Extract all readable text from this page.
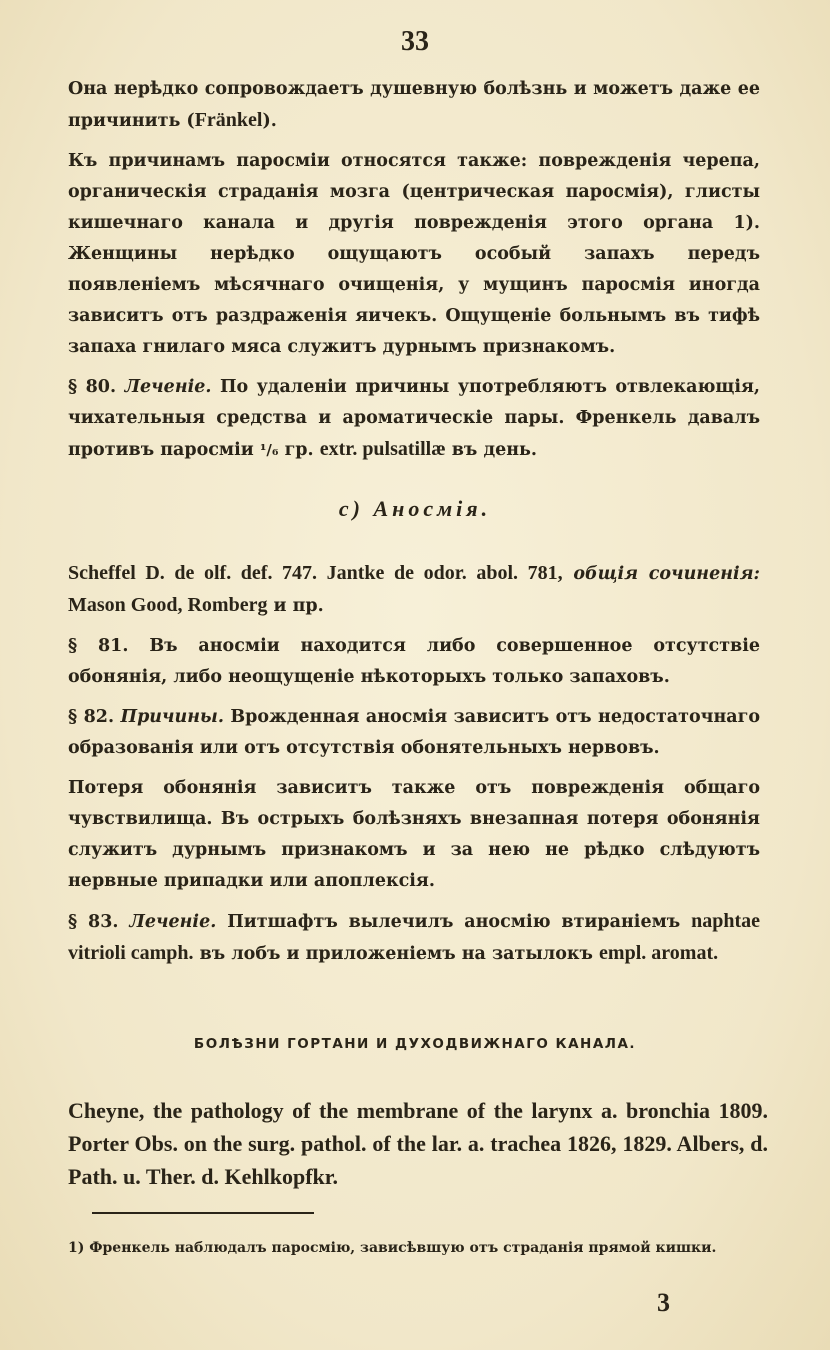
33

Она нерѣдко сопровождаетъ душевную болѣзнь и можетъ даже ее причинить (Fränkel).

Къ причинамъ паросміи относятся также: поврежденія черепа, органическія страданія мозга (центрическая паросмія), глисты кишечнаго канала и другія поврежденія этого органа 1). Женщины нерѣдко ощущаютъ особый запахъ передъ появленіемъ мѣсячнаго очищенія, у мущинъ паросмія иногда зависитъ отъ раздраженія яичекъ. Ощущеніе больнымъ въ тифѣ запаха гнилаго мяса служитъ дурнымъ признакомъ.

§ 80. Лeченіе. По удаленіи причины употребляютъ отвлекающія, чихательныя средства и ароматическіе пары. Френкель давалъ противъ паросміи ¹/₆ гр. extr. pulsatillæ въ день.

c) Аносмія.

Scheffel D. de olf. def. 747. Jantke de odor. abol. 781, общія сочиненія: Mason Good, Romberg и пр.

§ 81. Въ аносміи находится либо совершенное отсутствіе обонянія, либо неощущеніе нѣкоторыхъ только запаховъ.

§ 82. Причины. Врожденная аносмія зависитъ отъ недостаточнаго образованія или отъ отсутствія обонятельныхъ нервовъ.

Потеря обонянія зависитъ также отъ поврежденія общаго чувствилища. Въ острыхъ болѣзняхъ внезапная потеря обонянія служитъ дурнымъ признакомъ и за нею не рѣдко слѣдуютъ нервные припадки или апоплексія.

§ 83. Лeченіе. Питшафтъ вылечилъ аносмію втираніемъ naphtae vitrioli camph. въ лобъ и приложеніемъ на затылокъ empl. aromat.

БОЛѢЗНИ ГОРТАНИ И ДУХОДВИЖНАГО КАНАЛА.
Cheyne, the pathology of the membrane of the larynx a. bronchia 1809. Porter Obs. on the surg. pathol. of the lar. a. trachea 1826, 1829. Albers, d. Path. u. Ther. d. Kehlkopfkr.
1) Френкель наблюдалъ паросмію, зависѣвшую отъ страданія прямой кишки.
3
